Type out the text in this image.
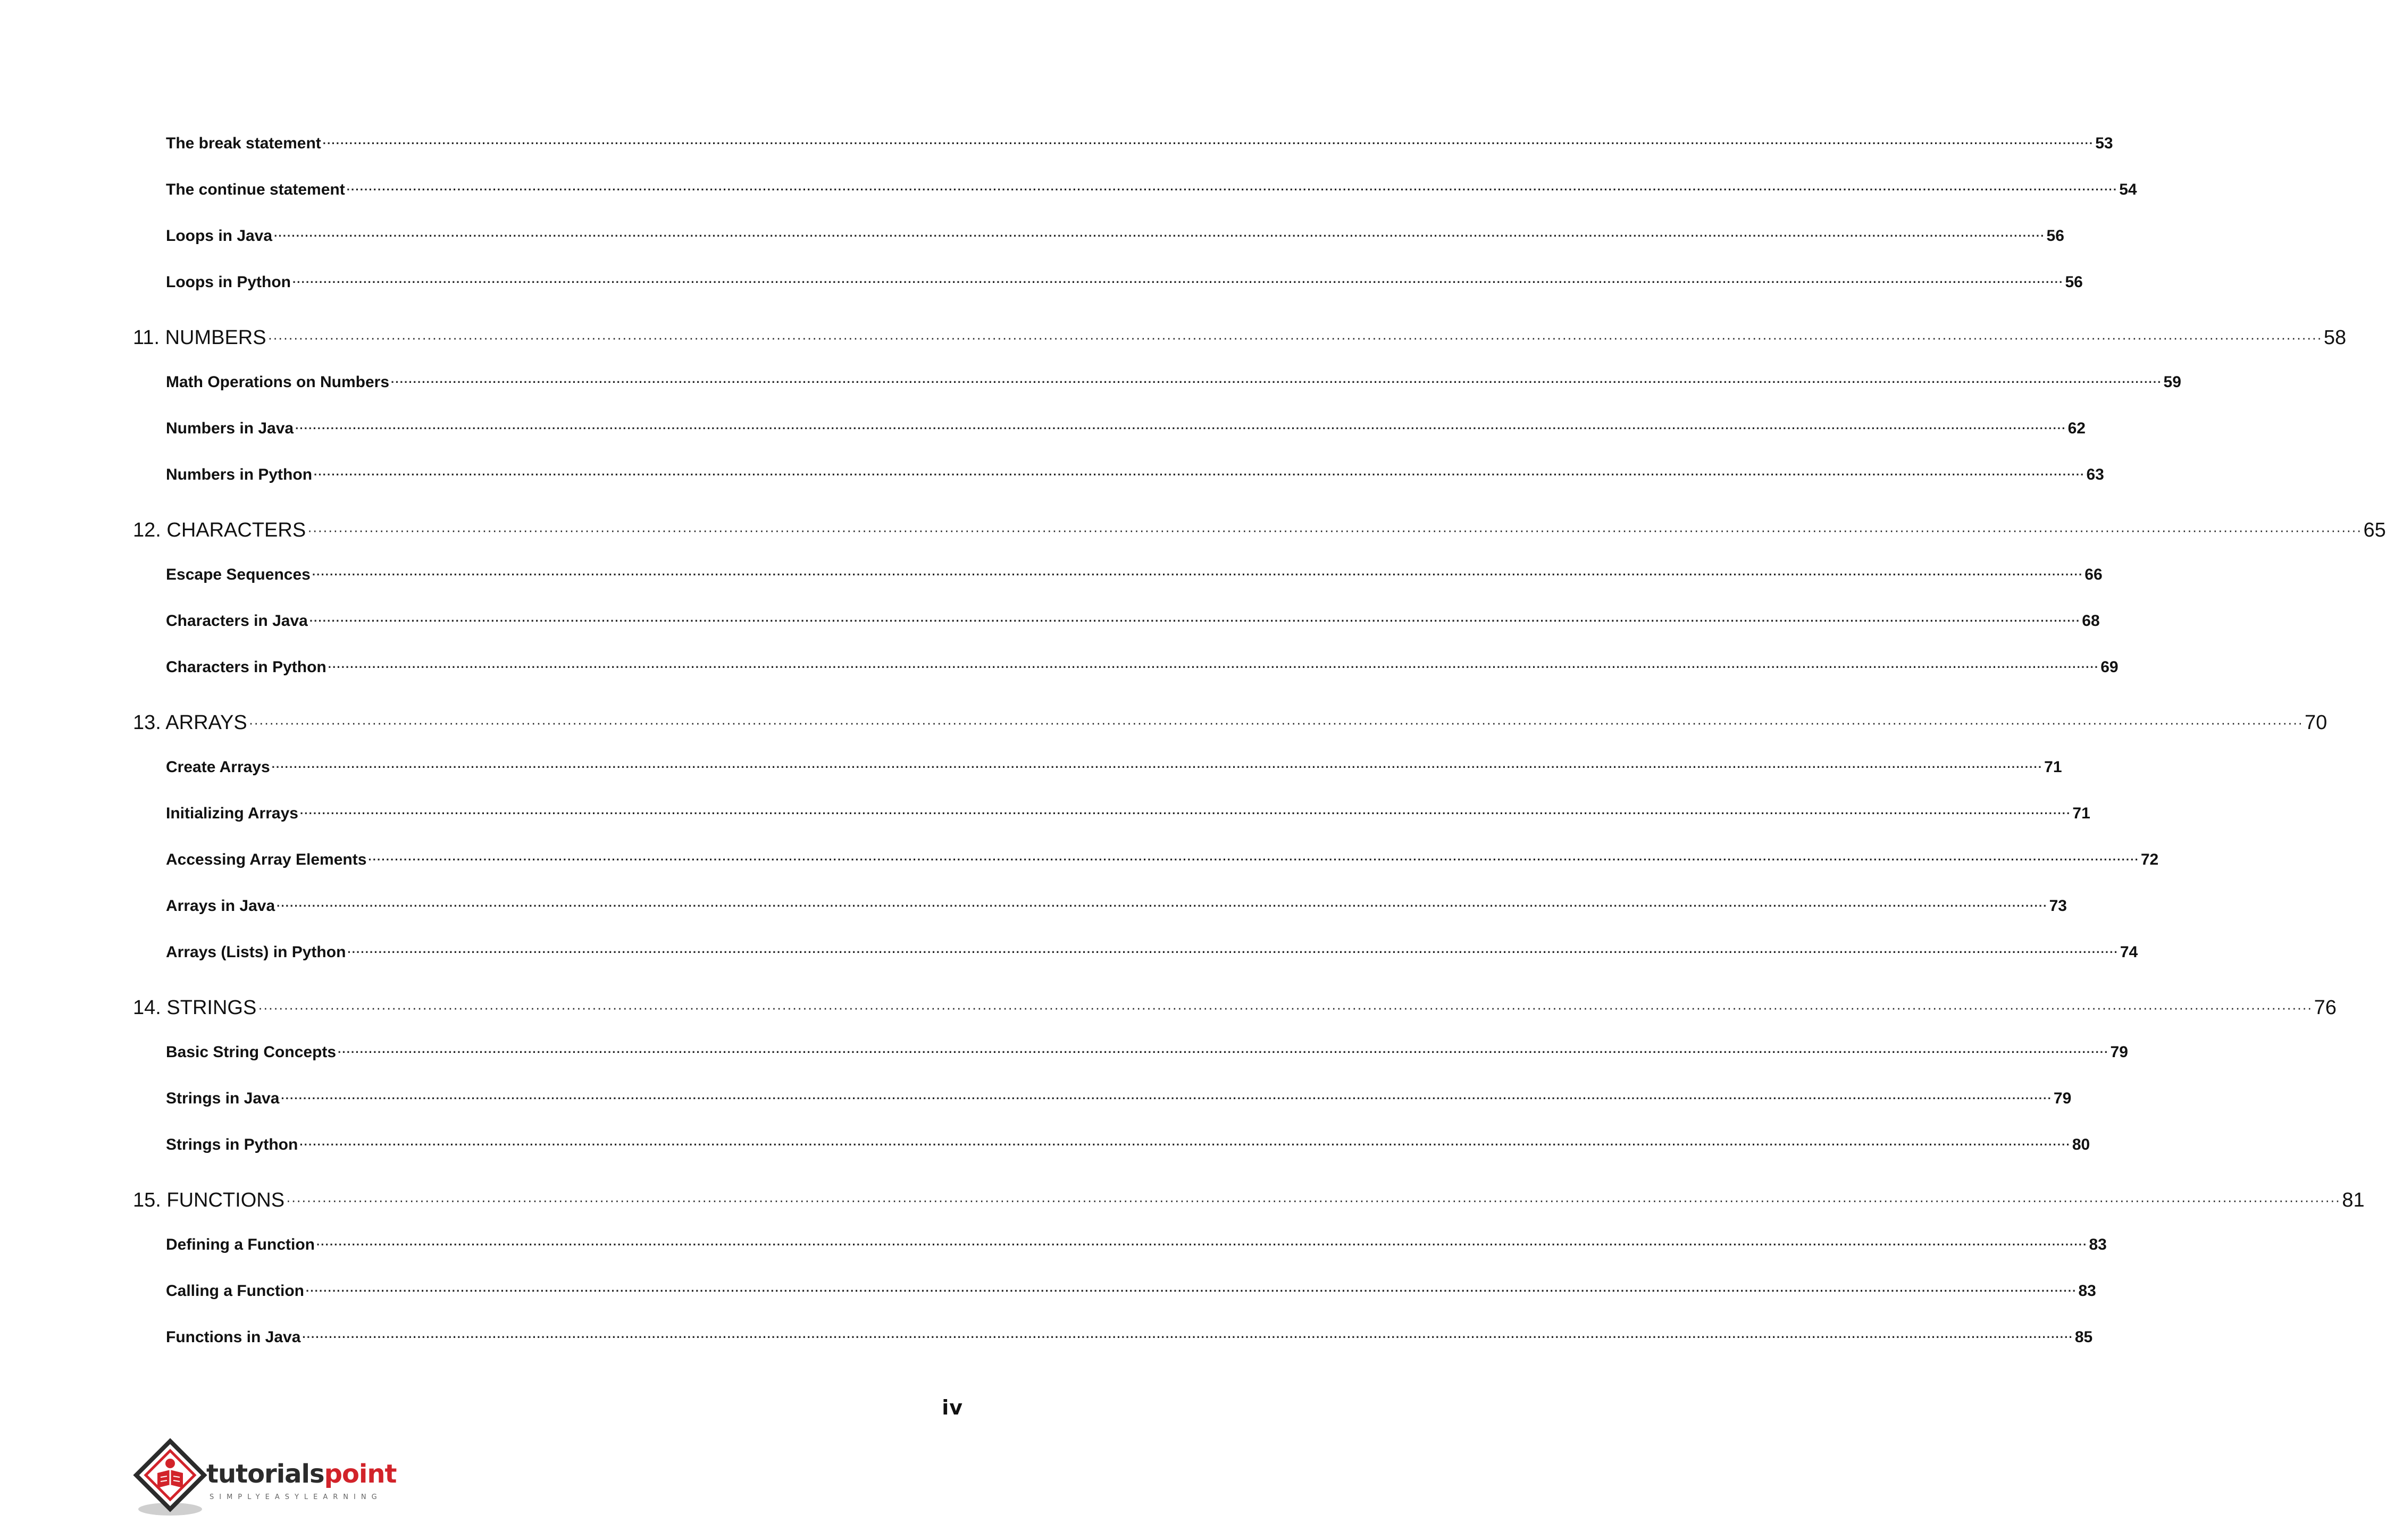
The break statement ················································································································································································································································································································································································································ 53
The continue statement ················································································································································································································································································································································································································ 54
Loops in Java ················································································································································································································································································································································································································ 56
Loops in Python ················································································································································································································································································································································································································ 56
11. NUMBERS ················································································································································································································································································································································································································ 58
Math Operations on Numbers ················································································································································································································································································································································································································ 59
Numbers in Java ················································································································································································································································································································································································································ 62
Numbers in Python ················································································································································································································································································································································································································ 63
12. CHARACTERS ················································································································································································································································································································································································································ 65
Escape Sequences ················································································································································································································································································································································································································ 66
Characters in Java ················································································································································································································································································································································································································ 68
Characters in Python ················································································································································································································································································································································································································ 69
13. ARRAYS ················································································································································································································································································································································································································ 70
Create Arrays ················································································································································································································································································································································································································ 71
Initializing Arrays ················································································································································································································································································································································································································ 71
Accessing Array Elements ················································································································································································································································································································································································································ 72
Arrays in Java ················································································································································································································································································································································································································ 73
Arrays (Lists) in Python ················································································································································································································································································································································································································ 74
14. STRINGS ················································································································································································································································································································································································································ 76
Basic String Concepts ················································································································································································································································································································································································································ 79
Strings in Java ················································································································································································································································································································································································································ 79
Strings in Python ················································································································································································································································································································································································································ 80
15. FUNCTIONS ················································································································································································································································································································································································································ 81
Defining a Function ················································································································································································································································································································································································································ 83
Calling a Function ················································································································································································································································································································································································································ 83
Functions in Java ················································································································································································································································································································································································································ 85
iv
tutorialspoint
SIMPLYEASYLEARNING
